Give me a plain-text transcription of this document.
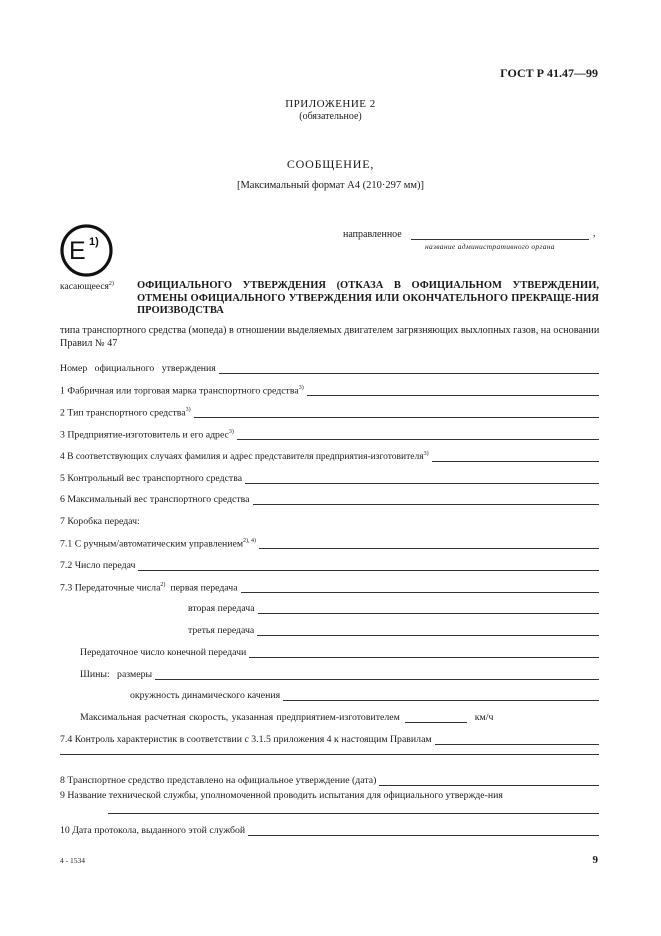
ГОСТ Р 41.47—99
ПРИЛОЖЕНИЕ 2
(обязательное)
СООБЩЕНИЕ,
[Максимальный формат А4 (210·297 мм)]
E 1)
направленное	,
название административного органа
касающееся$^{2)}$ ОФИЦИАЛЬНОГО УТВЕРЖДЕНИЯ (ОТКАЗА В ОФИЦИАЛЬНОМ УТВЕРЖДЕНИИ, ОТМЕНЫ ОФИЦИАЛЬНОГО УТВЕРЖДЕНИЯ ИЛИ ОКОНЧАТЕЛЬНОГО ПРЕКРАЩЕ-НИЯ ПРОИЗВОДСТВА
типа транспортного средства (мопеда) в отношении выделяемых двигателем загрязняющих выхлопных газов, на основании Правил № 47
Номер официального утверждения
1 Фабричная или торговая марка транспортного средства$^{3)}$
2 Тип транспортного средства$^{3)}$
3 Предприятие-изготовитель и его адрес$^{3)}$
4 В соответствующих случаях фамилия и адрес представителя предприятия-изготовителя$^{3)}$
5 Контрольный вес транспортного средства
6 Максимальный вес транспортного средства
7 Коробка передач:
7.1 С ручным/автоматическим управлением$^{2), 4)}$
7.2 Число передач
7.3 Передаточные числа$^{2)}$ первая передача
вторая передача
третья передача
Передаточное число конечной передачи
Шины: размеры
окружность динамического качения
Максимальная расчетная скорость, указанная предприятием-изготовителем	км/ч
7.4 Контроль характеристик в соответствии с 3.1.5 приложения 4 к настоящим Правилам
8 Транспортное средство представлено на официальное утверждение (дата)
9 Название технической службы, уполномоченной проводить испытания для официального утвержде-ния
10 Дата протокола, выданного этой службой
4 - 1534	9
